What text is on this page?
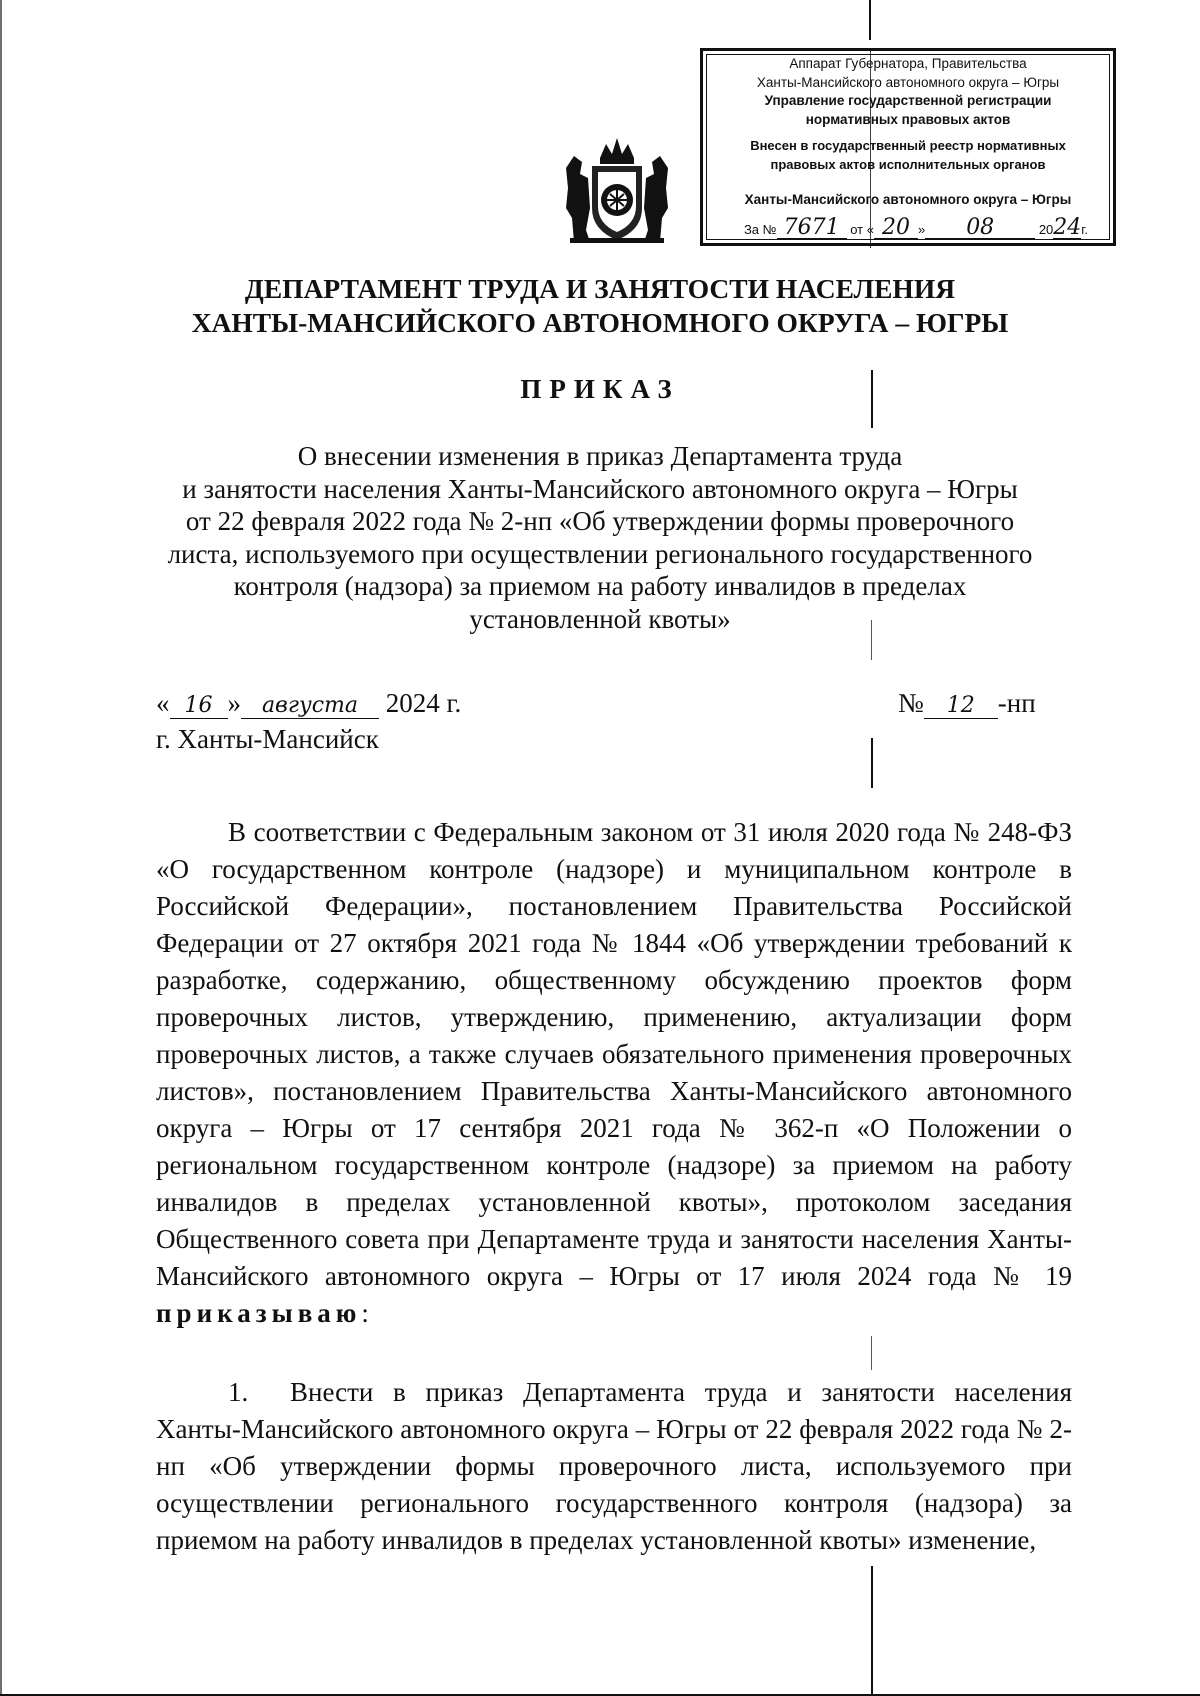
Аппарат Губернатора, Правительства
Ханты-Мансийского автономного округа – Югры
Управление государственной регистрации
нормативных правовых актов
Внесен в государственный реестр нормативных
правовых актов исполнительных органов
Ханты-Мансийского автономного округа – Югры
За № 7671 от « 20 » 08	2024г.
ДЕПАРТАМЕНТ ТРУДА И ЗАНЯТОСТИ НАСЕЛЕНИЯ
ХАНТЫ-МАНСИЙСКОГО АВТОНОМНОГО ОКРУГА – ЮГРЫ
ПРИКАЗ
О внесении изменения в приказ Департамента труда
и занятости населения Ханты-Мансийского автономного округа – Югры
от 22 февраля 2022 года № 2-нп «Об утверждении формы проверочного
листа, используемого при осуществлении регионального государственного
контроля (надзора) за приемом на работу инвалидов в пределах
установленной квоты»
« 16 » августа 2024 г.
г. Ханты-Мансийск
№ 12 -нп
В соответствии с Федеральным законом от 31 июля 2020 года № 248-ФЗ «О государственном контроле (надзоре) и муниципальном контроле в Российской Федерации», постановлением Правительства Российской Федерации от 27 октября 2021 года № 1844 «Об утверждении требований к разработке, содержанию, общественному обсуждению проектов форм проверочных листов, утверждению, применению, актуализации форм проверочных листов, а также случаев обязательного применения проверочных листов», постановлением Правительства Ханты-Мансийского автономного округа – Югры от 17 сентября 2021 года № 362-п «О Положении о региональном государственном контроле (надзоре) за приемом на работу инвалидов в пределах установленной квоты», протоколом заседания Общественного совета при Департаменте труда и занятости населения Ханты-Мансийского автономного округа – Югры от 17 июля 2024 года № 19 приказываю:
1. Внести в приказ Департамента труда и занятости населения Ханты-Мансийского автономного округа – Югры от 22 февраля 2022 года № 2-нп «Об утверждении формы проверочного листа, используемого при осуществлении регионального государственного контроля (надзора) за приемом на работу инвалидов в пределах установленной квоты» изменение,
